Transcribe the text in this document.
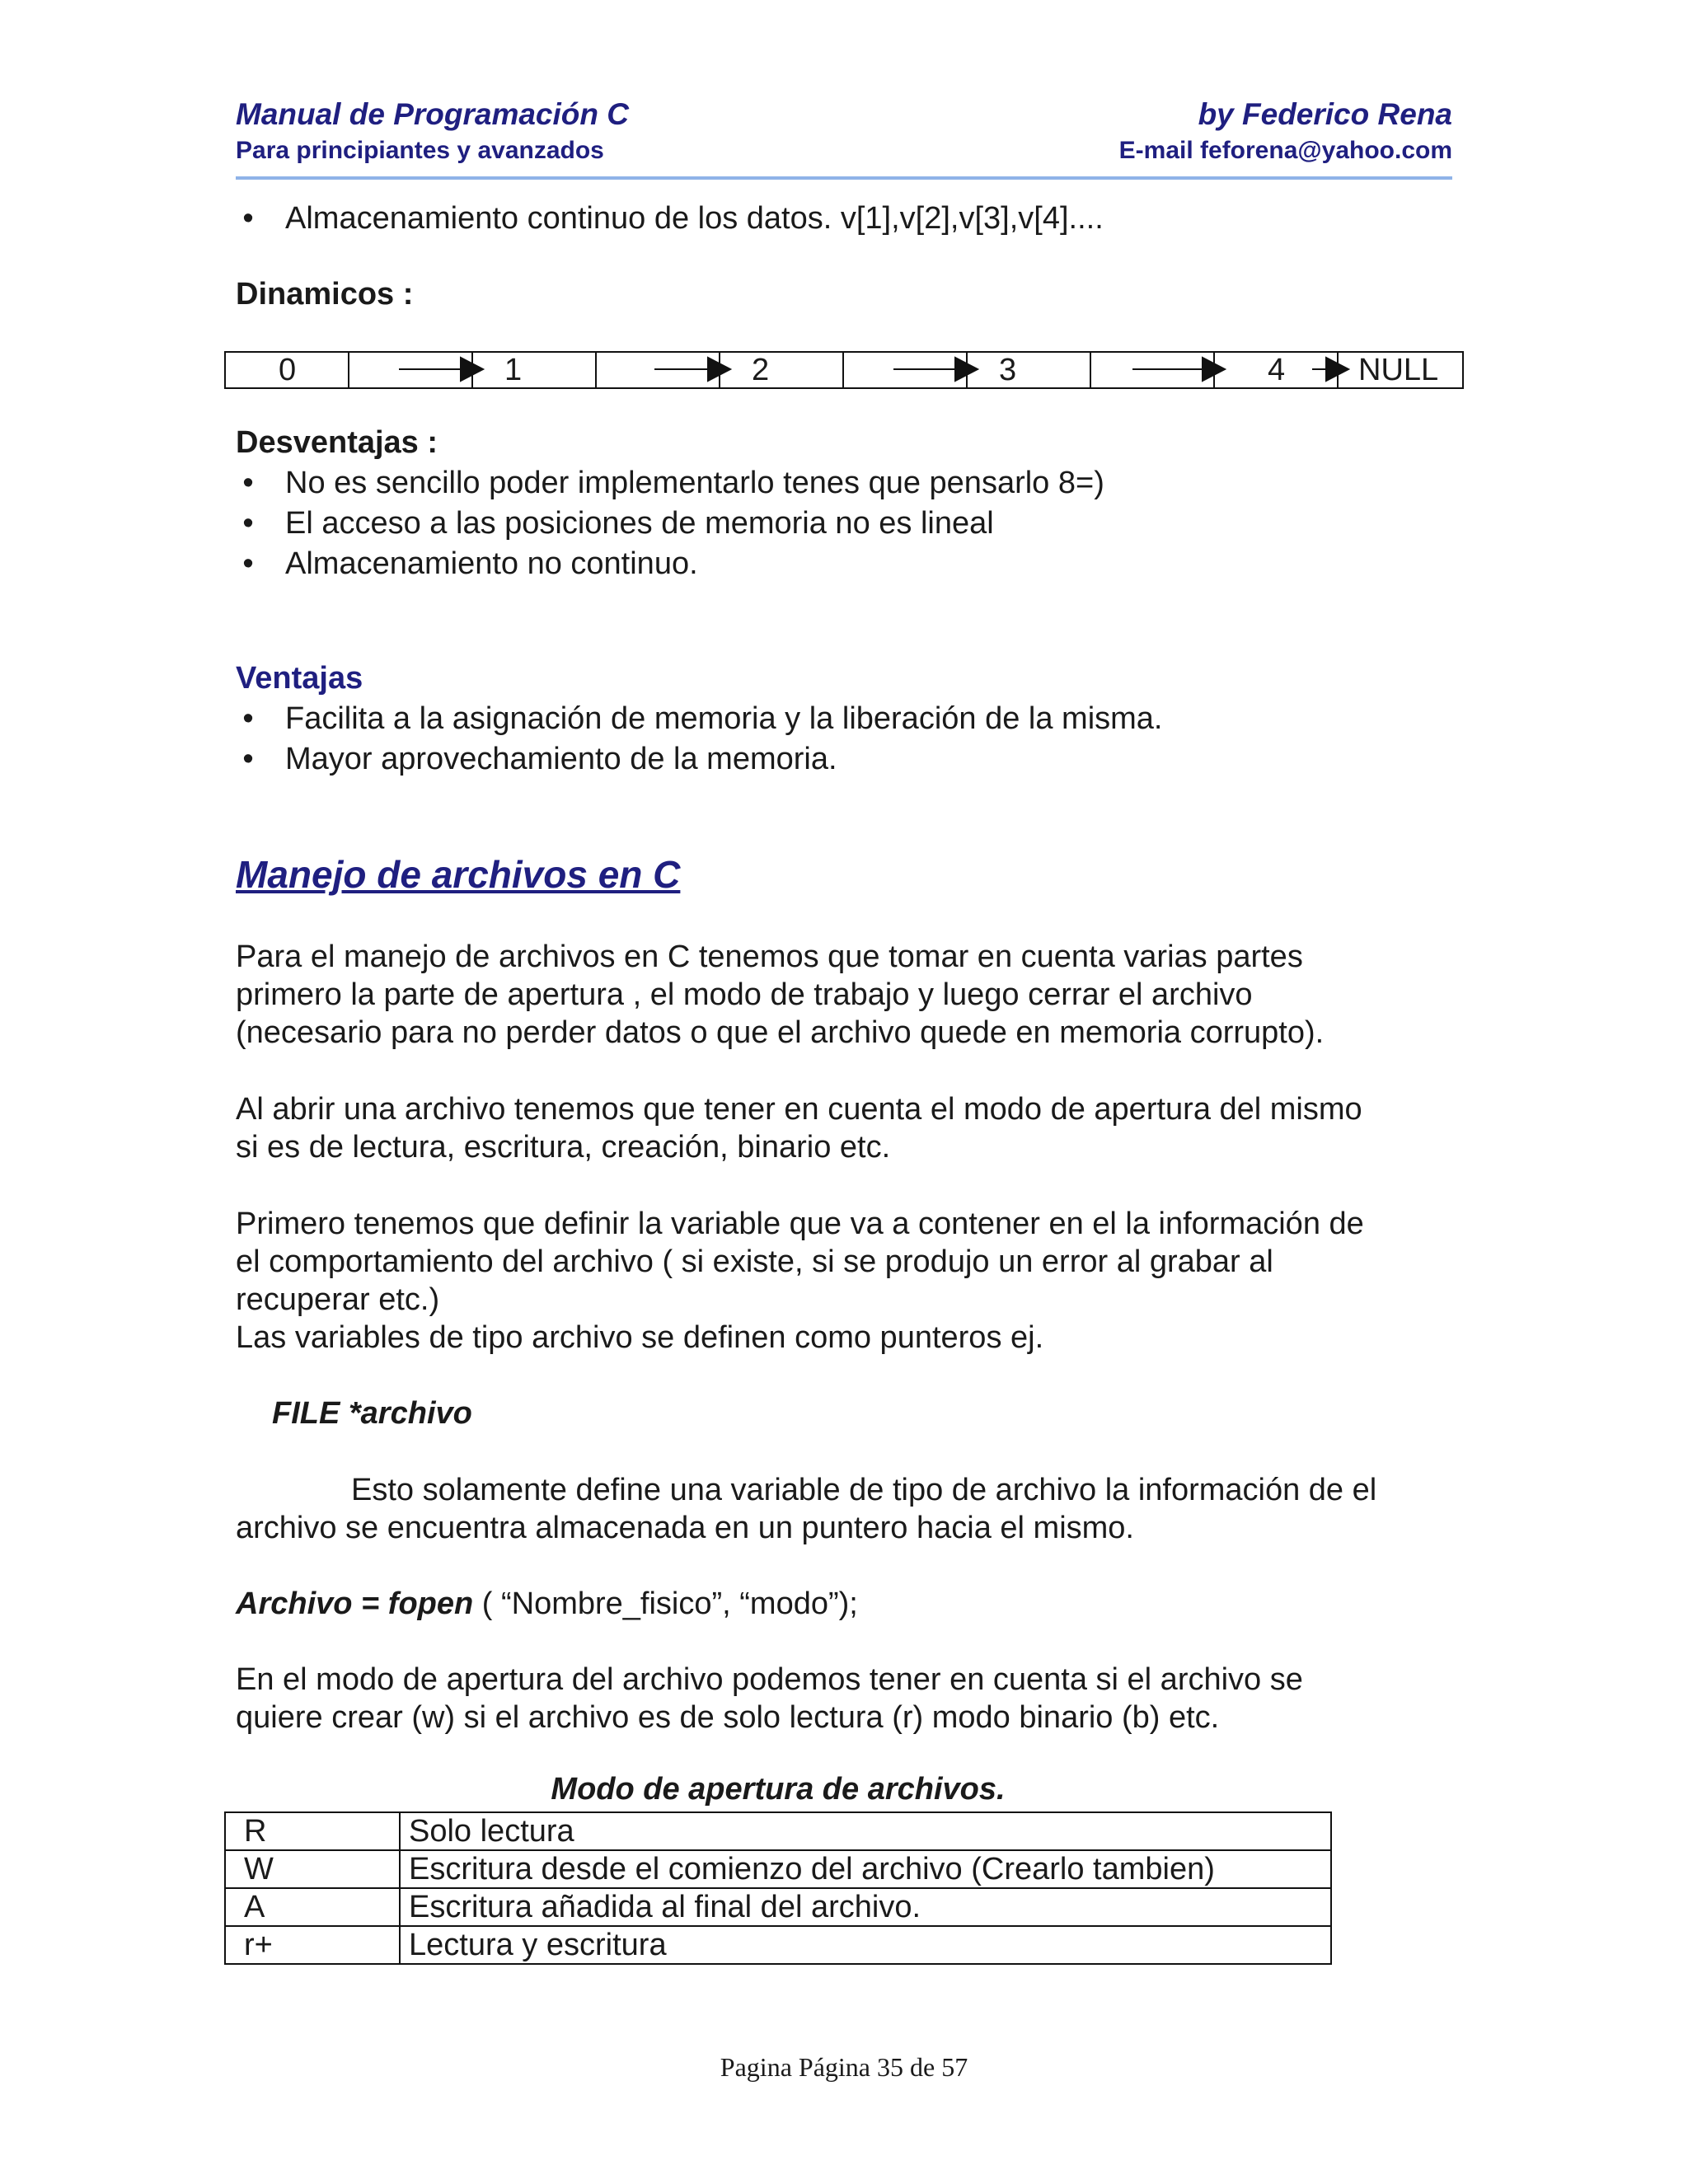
Manual de Programación C	by Federico Rena
Para principiantes y avanzados	E-mail feforena@yahoo.com
• Almacenamiento continuo de los datos. v[1],v[2],v[3],v[4]....
Dinamicos :
0	1	2	3	4 NULL
Desventajas :
• No es sencillo poder implementarlo tenes que pensarlo 8=)
• El acceso a las posiciones de memoria no es lineal
• Almacenamiento no continuo.
Ventajas
• Facilita a la asignación de memoria y la liberación de la misma.
• Mayor aprovechamiento de la memoria.
Manejo de archivos en C
Para el manejo de archivos en C tenemos que tomar en cuenta varias partes
primero la parte de apertura , el modo de trabajo y luego cerrar el archivo
(necesario para no perder datos o que el archivo quede en memoria corrupto).
Al abrir una archivo tenemos que tener en cuenta el modo de apertura del mismo
si es de lectura, escritura, creación, binario etc.
Primero tenemos que definir la variable que va a contener en el la información de
el comportamiento del archivo ( si existe, si se produjo un error al grabar al
recuperar etc.)
Las variables de tipo archivo se definen como punteros ej.
FILE *archivo
Esto solamente define una variable de tipo de archivo la información de el
archivo se encuentra almacenada en un puntero hacia el mismo.
Archivo = fopen ( “Nombre_fisico”, “modo”);
En el modo de apertura del archivo podemos tener en cuenta si el archivo se
quiere crear (w) si el archivo es de solo lectura (r) modo binario (b) etc.
Modo de apertura de archivos.
R	Solo lectura
W	Escritura desde el comienzo del archivo (Crearlo tambien)
A	Escritura añadida al final del archivo.
r+	Lectura y escritura
Pagina Página 35 de 57
